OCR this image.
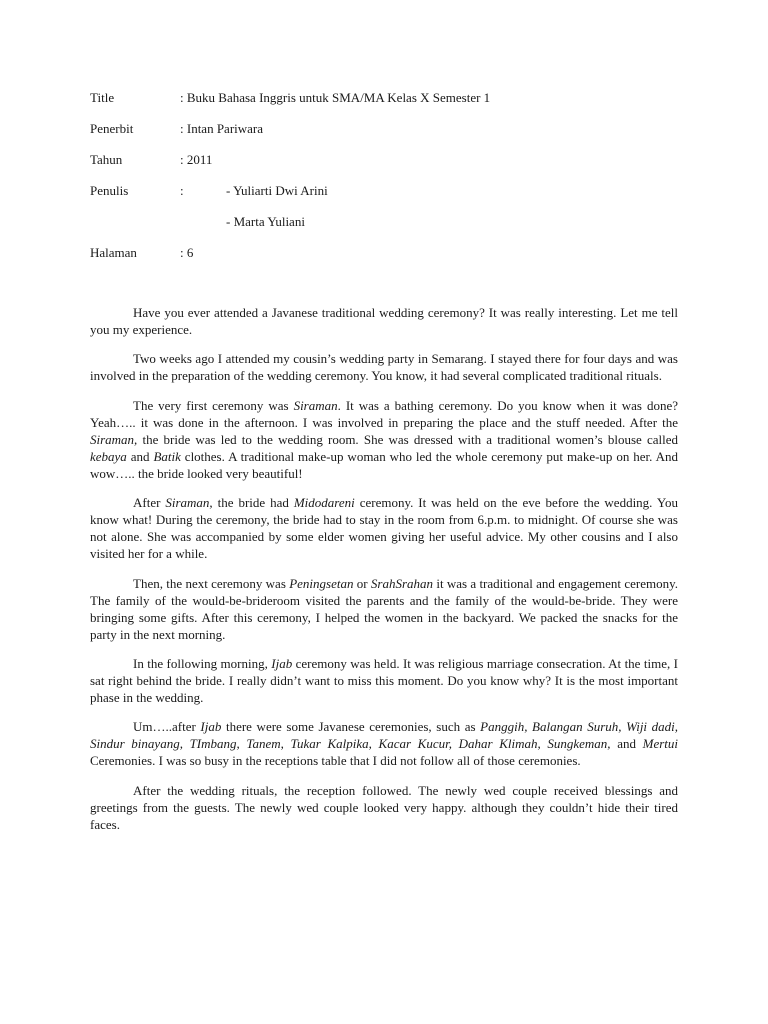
Title	: Buku Bahasa Inggris untuk SMA/MA Kelas X Semester 1
Penerbit	: Intan Pariwara
Tahun	: 2011
Penulis	:	- Yuliarti Dwi Arini
- Marta Yuliani
Halaman	: 6

Have you ever attended a Javanese traditional wedding ceremony? It was really interesting. Let me tell you my experience.

Two weeks ago I attended my cousin’s wedding party in Semarang. I stayed there for four days and was involved in the preparation of the wedding ceremony. You know, it had several complicated traditional rituals.

The very first ceremony was Siraman. It was a bathing ceremony. Do you know when it was done? Yeah….. it was done in the afternoon. I was involved in preparing the place and the stuff needed. After the Siraman, the bride was led to the wedding room. She was dressed with a traditional women’s blouse called kebaya and Batik clothes. A traditional make-up woman who led the whole ceremony put make-up on her. And wow….. the bride looked very beautiful!

After Siraman, the bride had Midodareni ceremony. It was held on the eve before the wedding. You know what! During the ceremony, the bride had to stay in the room from 6.p.m. to midnight. Of course she was not alone. She was accompanied by some elder women giving her useful advice. My other cousins and I also visited her for a while.

Then, the next ceremony was Peningsetan or SrahSrahan it was a traditional and engagement ceremony. The family of the would-be-brideroom visited the parents and the family of the would-be-bride. They were bringing some gifts. After this ceremony, I helped the women in the backyard. We packed the snacks for the party in the next morning.

In the following morning, Ijab ceremony was held. It was religious marriage consecration. At the time, I sat right behind the bride. I really didn’t want to miss this moment. Do you know why? It is the most important phase in the wedding.

Um…..after Ijab there were some Javanese ceremonies, such as Panggih, Balangan Suruh, Wiji dadi, Sindur binayang, TImbang, Tanem, Tukar Kalpika, Kacar Kucur, Dahar Klimah, Sungkeman, and Mertui Ceremonies. I was so busy in the receptions table that I did not follow all of those ceremonies.

After the wedding rituals, the reception followed. The newly wed couple received blessings and greetings from the guests. The newly wed couple looked very happy. although they couldn’t hide their tired faces.
